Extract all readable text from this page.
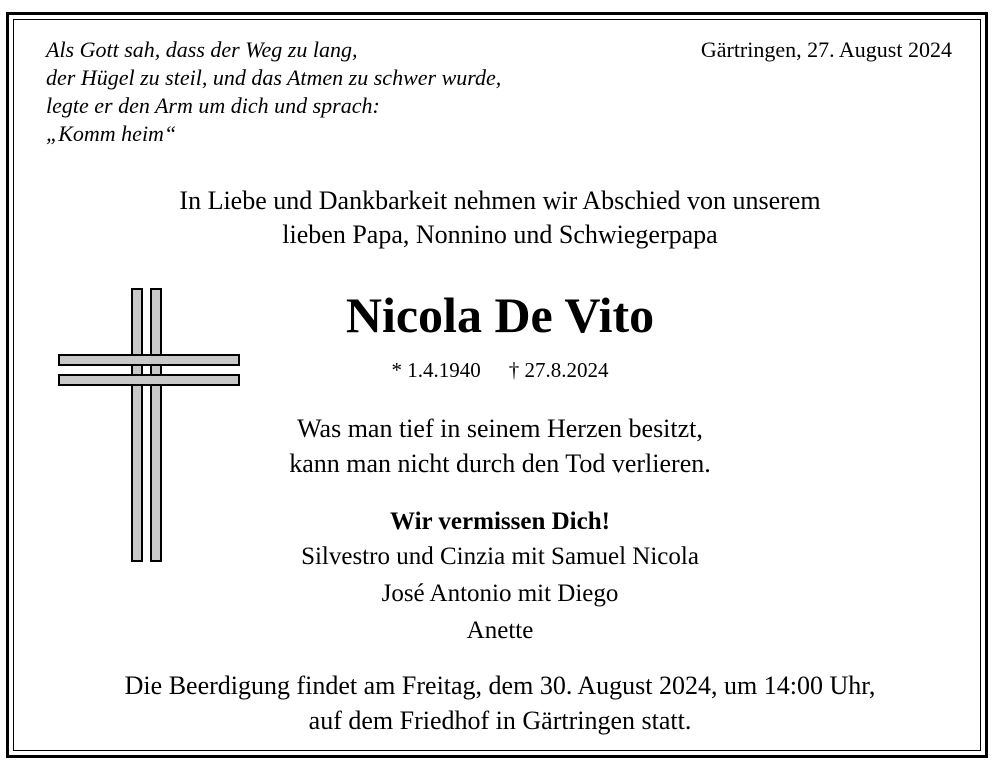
Als Gott sah, dass der Weg zu lang,
der Hügel zu steil, und das Atmen zu schwer wurde,
legte er den Arm um dich und sprach:
„Komm heim“
Gärtringen, 27. August 2024
In Liebe und Dankbarkeit nehmen wir Abschied von unserem
lieben Papa, Nonnino und Schwiegerpapa
Nicola De Vito
* 1.4.1940 † 27.8.2024
Was man tief in seinem Herzen besitzt,
kann man nicht durch den Tod verlieren.
Wir vermissen Dich!
Silvestro und Cinzia mit Samuel Nicola
José Antonio mit Diego
Anette
Die Beerdigung findet am Freitag, dem 30. August 2024, um 14:00 Uhr,
auf dem Friedhof in Gärtringen statt.
